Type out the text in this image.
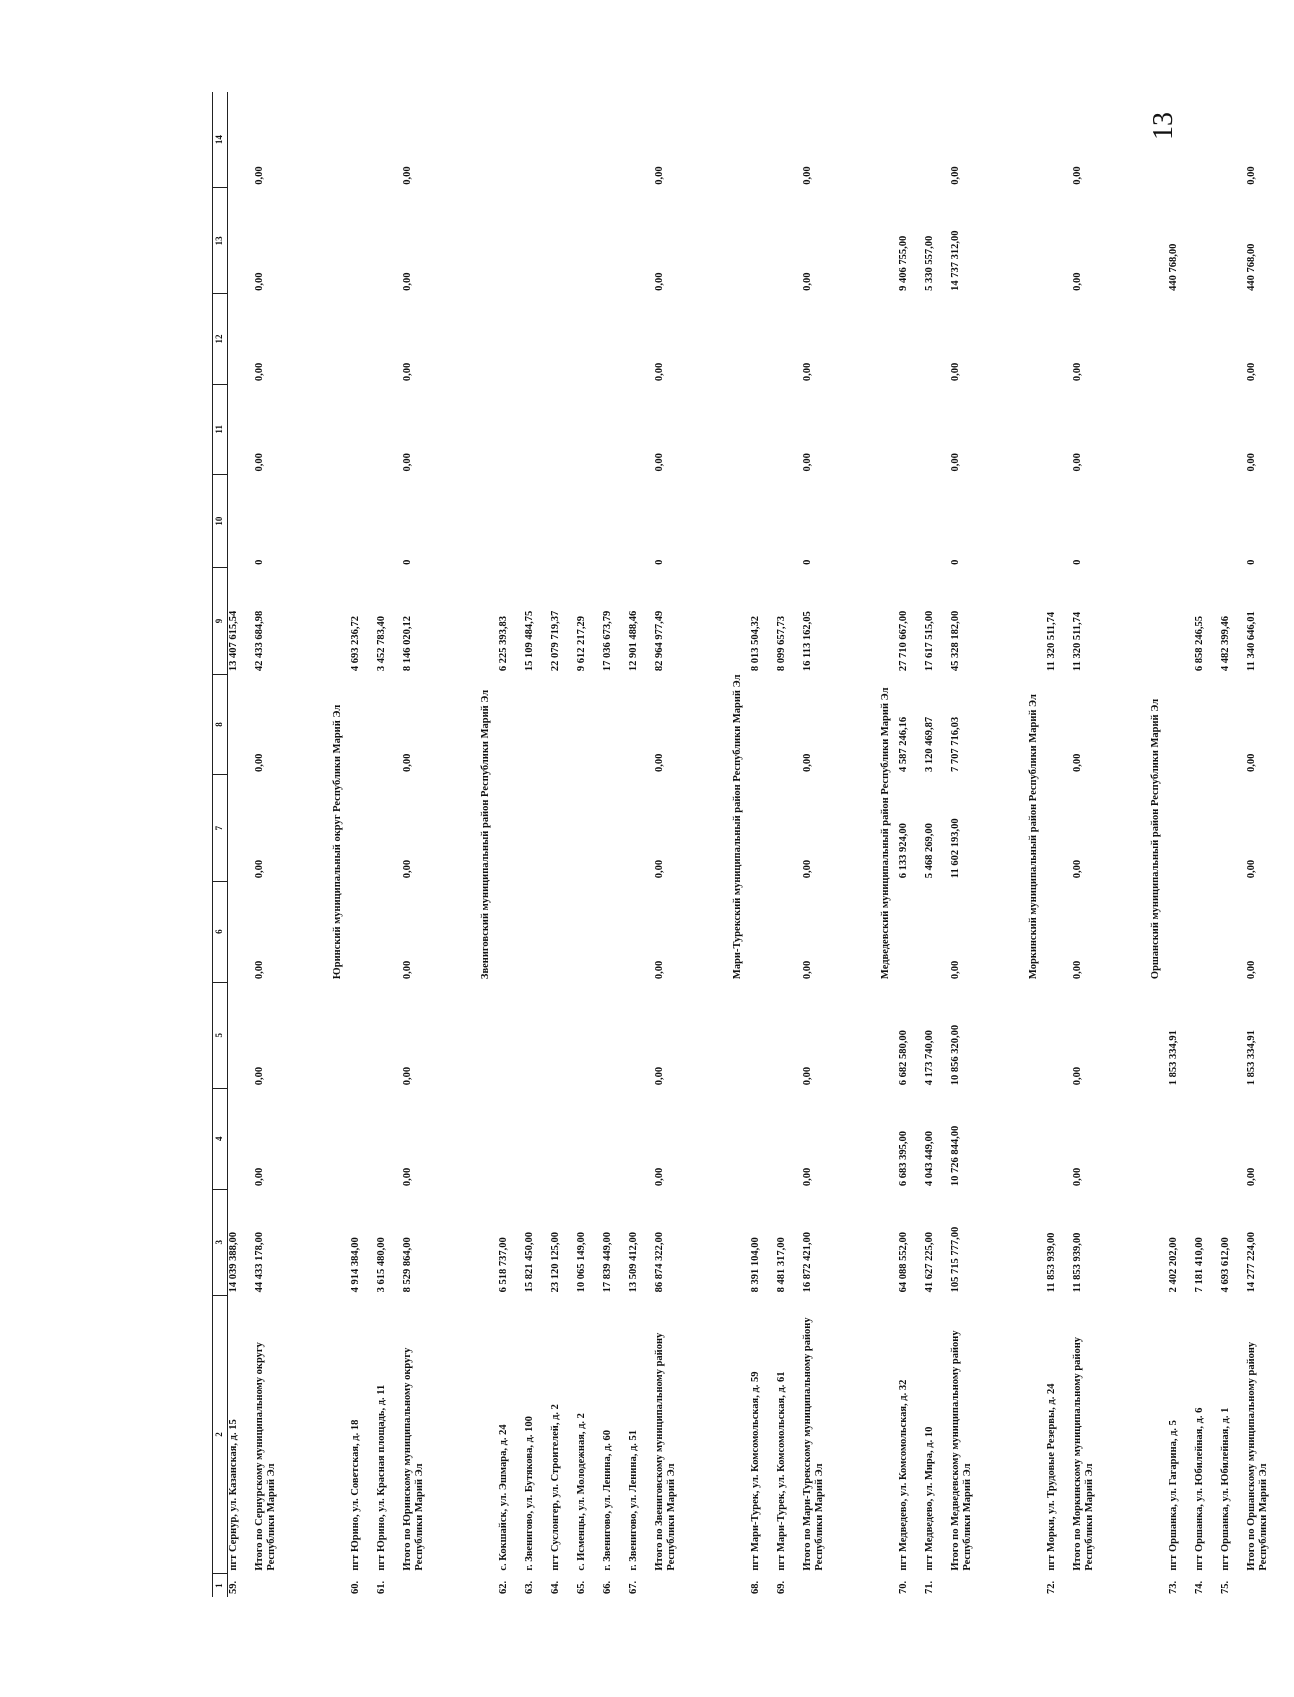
13
1	2	3	4	5	6	7	8	9	10	11	12	13	14
59.	пгт Сернур, ул. Казанская, д. 15	14 039 388,00						13 407 615,54					
	Итого по Сернурскому муниципальному округу Республики Марий Эл	44 433 178,00	0,00	0,00	0,00	0,00	0,00	42 433 684,98	0	0,00	0,00	0,00	0,00
					Юринский муниципальный округ Республики Марий Эл								
60.	пгт Юрино, ул. Советская, д. 18	4 914 384,00						4 693 236,72					
61.	пгт Юрино, ул. Красная площадь, д. 11	3 615 480,00						3 452 783,40					
	Итого по Юринскому муниципальному округу Республики Марий Эл	8 529 864,00	0,00	0,00	0,00	0,00	0,00	8 146 020,12	0	0,00	0,00	0,00	0,00
					Звениговский муниципальный район Республики Марий Эл								
62.	с. Кокшайск, ул. Эшмара, д. 24	6 518 737,00						6 225 393,83					
63.	г. Звенигово, ул. Бутякова, д. 100	15 821 450,00						15 109 484,75					
64.	пгт Суслонгер, ул. Строителей, д. 2	23 120 125,00						22 079 719,37					
65.	с. Исменцы, ул. Молодежная, д. 2	10 065 149,00						9 612 217,29					
66.	г. Звенигово, ул. Ленина, д. 60	17 839 449,00						17 036 673,79					
67.	г. Звенигово, ул. Ленина, д. 51	13 509 412,00						12 901 488,46					
	Итого по Звениговскому муниципальному району Республики Марий Эл	86 874 322,00	0,00	0,00	0,00	0,00	0,00	82 964 977,49	0	0,00	0,00	0,00	0,00
					Мари-Турекский муниципальный район Республики Марий Эл								
68.	пгт Мари-Турек, ул. Комсомольская, д. 59	8 391 104,00						8 013 504,32					
69.	пгт Мари-Турек, ул. Комсомольская, д. 61	8 481 317,00						8 099 657,73					
	Итого по Мари-Турекскому муниципальному району Республики Марий Эл	16 872 421,00	0,00	0,00	0,00	0,00	0,00	16 113 162,05	0	0,00	0,00	0,00	0,00
					Медведевский муниципальный район Республики Марий Эл								
70.	пгт Медведево, ул. Комсомольская, д. 32	64 088 552,00	6 683 395,00	6 682 580,00		6 133 924,00	4 587 246,16	27 710 667,00				9 406 755,00	
71.	пгт Медведево, ул. Мира, д. 10	41 627 225,00	4 043 449,00	4 173 740,00		5 468 269,00	3 120 469,87	17 617 515,00				5 330 557,00	
	Итого по Медведевскому муниципальному району Республики Марий Эл	105 715 777,00	10 726 844,00	10 856 320,00	0,00	11 602 193,00	7 707 716,03	45 328 182,00	0	0,00	0,00	14 737 312,00	0,00
					Моркинский муниципальный район Республики Марий Эл								
72.	пгт Морки, ул. Трудовые Резервы, д. 24	11 853 939,00						11 320 511,74					
	Итого по Моркинскому муниципальному району Республики Марий Эл	11 853 939,00	0,00	0,00	0,00	0,00	0,00	11 320 511,74	0	0,00	0,00	0,00	0,00
					Оршанский муниципальный район Республики Марий Эл								
73.	пгт Оршанка, ул. Гагарина, д. 5	2 402 202,00		1 853 334,91								440 768,00	
74.	пгт Оршанка, ул. Юбилейная, д. 6	7 181 410,00						6 858 246,55					
75.	пгт Оршанка, ул. Юбилейная, д. 1	4 693 612,00						4 482 399,46					
	Итого по Оршанскому муниципальному району Республики Марий Эл	14 277 224,00	0,00	1 853 334,91	0,00	0,00	0,00	11 340 646,01	0	0,00	0,00	440 768,00	0,00
